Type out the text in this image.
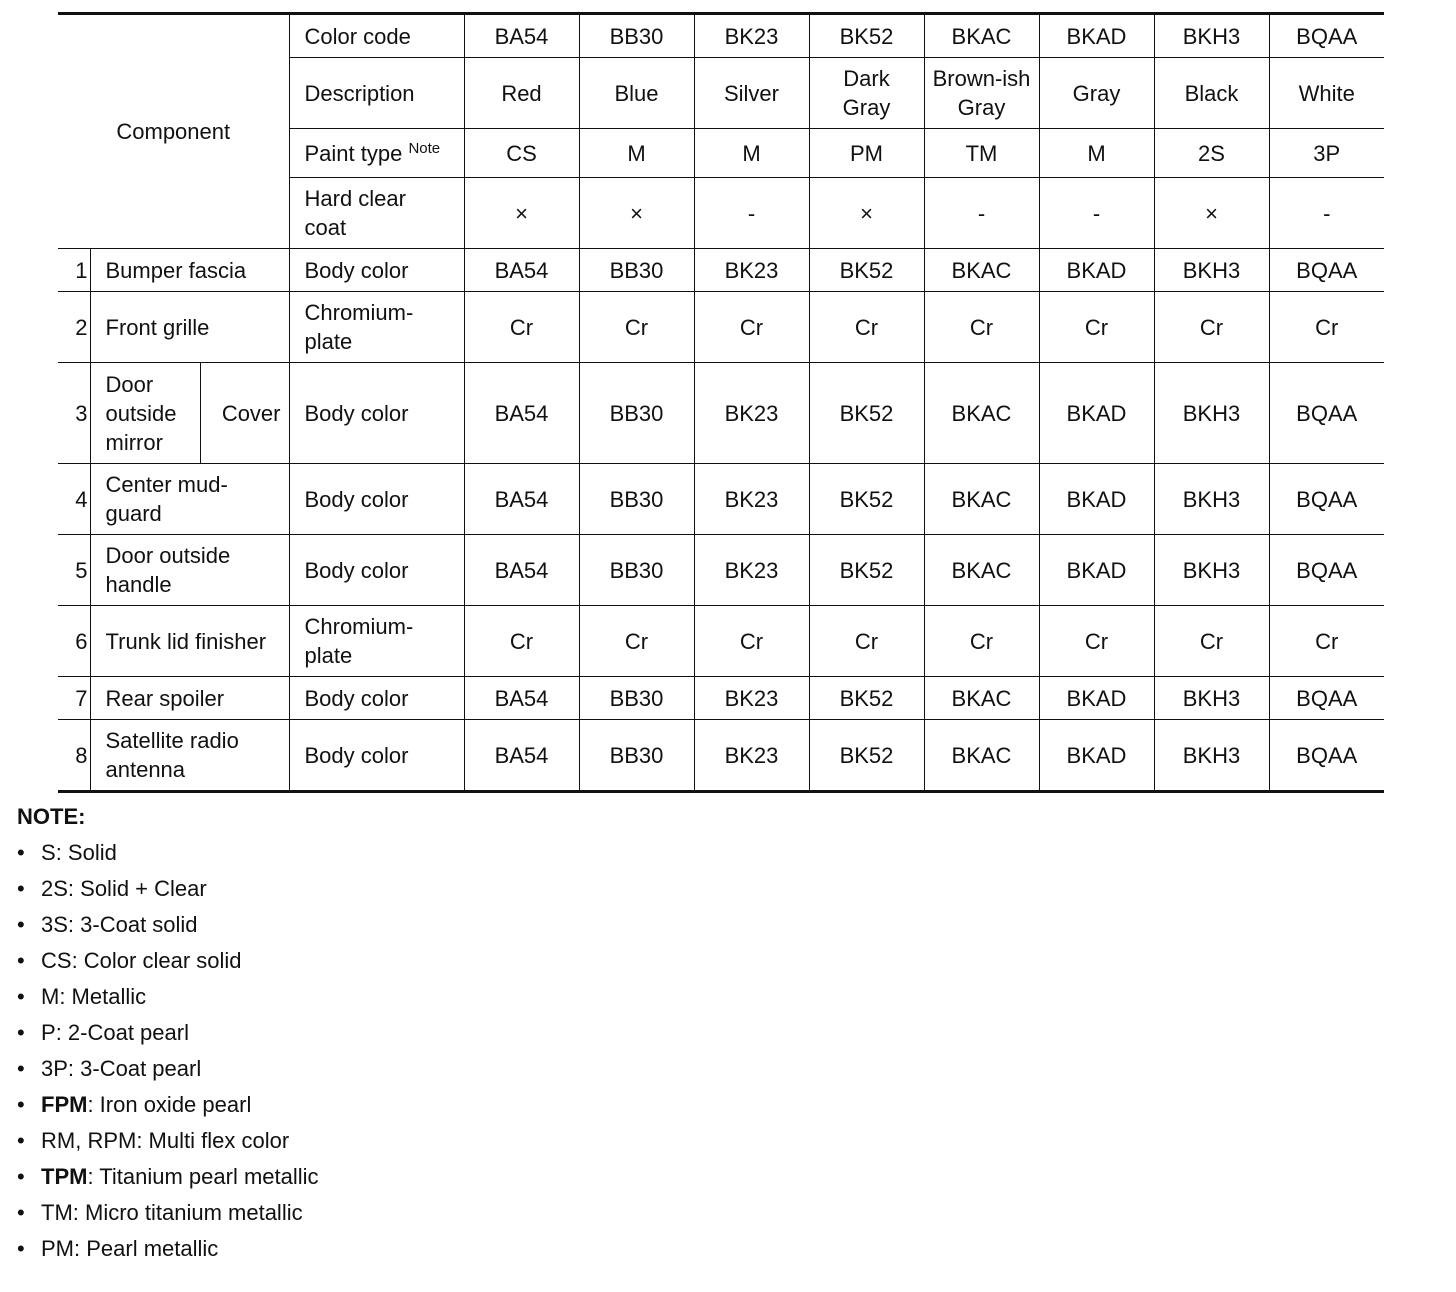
Component			Color code	BA54	BB30	BK23	BK52	BKAC	BKAD	BKH3	BQAA
			Description	Red	Blue	Silver	Dark Gray	Brown-ish Gray	Gray	Black	White
			Paint type $^{Note}$	CS	M	M	PM	TM	M	2S	3P
			Hard clear coat	×	×	-	×	-	-	×	-
1	Bumper fascia		Body color	BA54	BB30	BK23	BK52	BKAC	BKAD	BKH3	BQAA
2	Front grille		Chromium-plate	Cr	Cr	Cr	Cr	Cr	Cr	Cr	Cr
3	Door outside mirror	Cover	Body color	BA54	BB30	BK23	BK52	BKAC	BKAD	BKH3	BQAA
4	Center mud-guard		Body color	BA54	BB30	BK23	BK52	BKAC	BKAD	BKH3	BQAA
5	Door outside handle		Body color	BA54	BB30	BK23	BK52	BKAC	BKAD	BKH3	BQAA
6	Trunk lid finisher		Chromium-plate	Cr	Cr	Cr	Cr	Cr	Cr	Cr	Cr
7	Rear spoiler		Body color	BA54	BB30	BK23	BK52	BKAC	BKAD	BKH3	BQAA
8	Satellite radio antenna		Body color	BA54	BB30	BK23	BK52	BKAC	BKAD	BKH3	BQAA
NOTE:
• S: Solid
• 2S: Solid + Clear
• 3S: 3-Coat solid
• CS: Color clear solid
• M: Metallic
• P: 2-Coat pearl
• 3P: 3-Coat pearl
• FPM: Iron oxide pearl
• RM, RPM: Multi flex color
• TPM: Titanium pearl metallic
• TM: Micro titanium metallic
• PM: Pearl metallic
